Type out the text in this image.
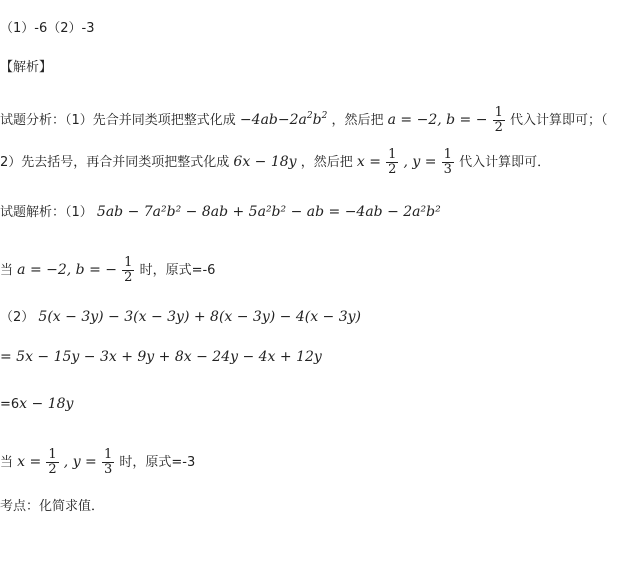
（1）-6（2）-3
【解析】
试题分析：（1）先合并同类项把整式化成 $-4ab-2a^2b^2$ ，然后把 a = −2, b = − $\frac{1}{2}$ 代入计算即可；（
2）先去括号，再合并同类项把整式化成 6x − 18y ，然后把 $x = \frac{1}{2}$ , $y = \frac{1}{3}$ 代入计算即可．
试题解析：（1） 5ab − 7a²b² − 8ab + 5a²b² − ab = −4ab − 2a²b²
当 a = −2, b = − $\frac{1}{2}$ 时，原式=-6
（2） 5(x − 3y) − 3(x − 3y) + 8(x − 3y) − 4(x − 3y)
= 5x − 15y − 3x + 9y + 8x − 24y − 4x + 12y
=6x − 18y
当 $x = \frac{1}{2}$ , $y = \frac{1}{3}$ 时，原式=-3
考点：化简求值．
